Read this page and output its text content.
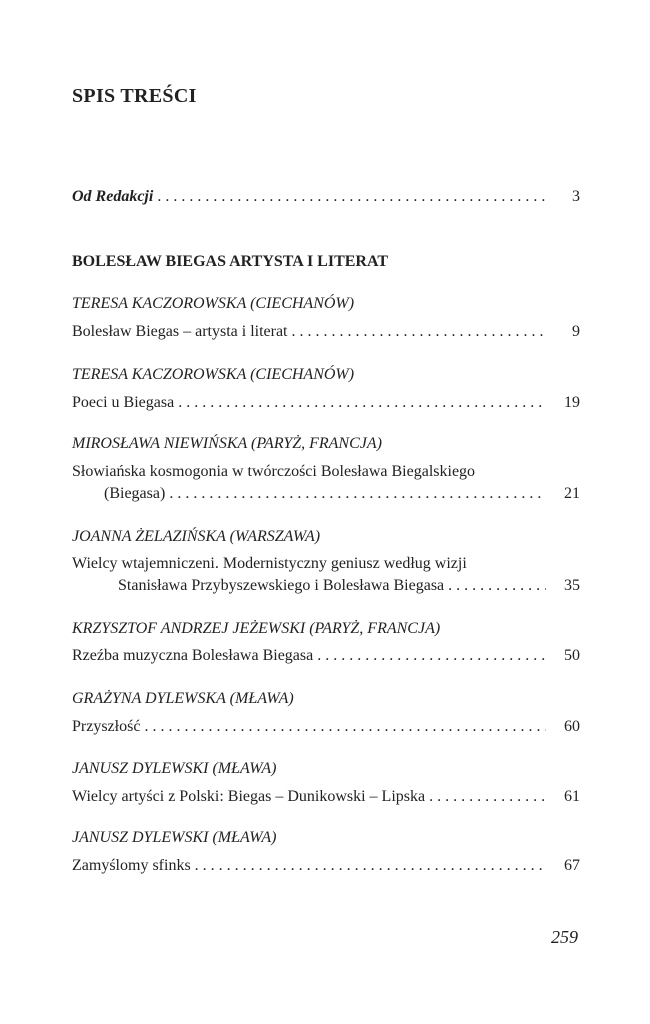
SPIS TREŚCI
Od Redakcji . . .	3
BOLESŁAW BIEGAS ARTYSTA I LITERAT
TERESA KACZOROWSKA (CIECHANÓW)
Bolesław Biegas – artysta i literat . . .	9
TERESA KACZOROWSKA (CIECHANÓW)
Poeci u Biegasa . . .	19
MIROSŁAWA NIEWIŃSKA (PARYŻ, FRANCJA)
Słowiańska kosmogonia w twórczości Bolesława Biegalskiego
(Biegasa) . . .	21
JOANNA ŻELAZIŃSKA (WARSZAWA)
Wielcy wtajemniczeni. Modernistyczny geniusz według wizji
Stanisława Przybyszewskiego i Bolesława Biegasa . . .	35
KRZYSZTOF ANDRZEJ JEŻEWSKI (PARYŻ, FRANCJA)
Rzeźba muzyczna Bolesława Biegasa . . .	50
GRAŻYNA DYLEWSKA (MŁAWA)
Przyszłość . . .	60
JANUSZ DYLEWSKI (MŁAWA)
Wielcy artyści z Polski: Biegas – Dunikowski – Lipska . . .	61
JANUSZ DYLEWSKI (MŁAWA)
Zamyślomy sfinks . . .	67
259
